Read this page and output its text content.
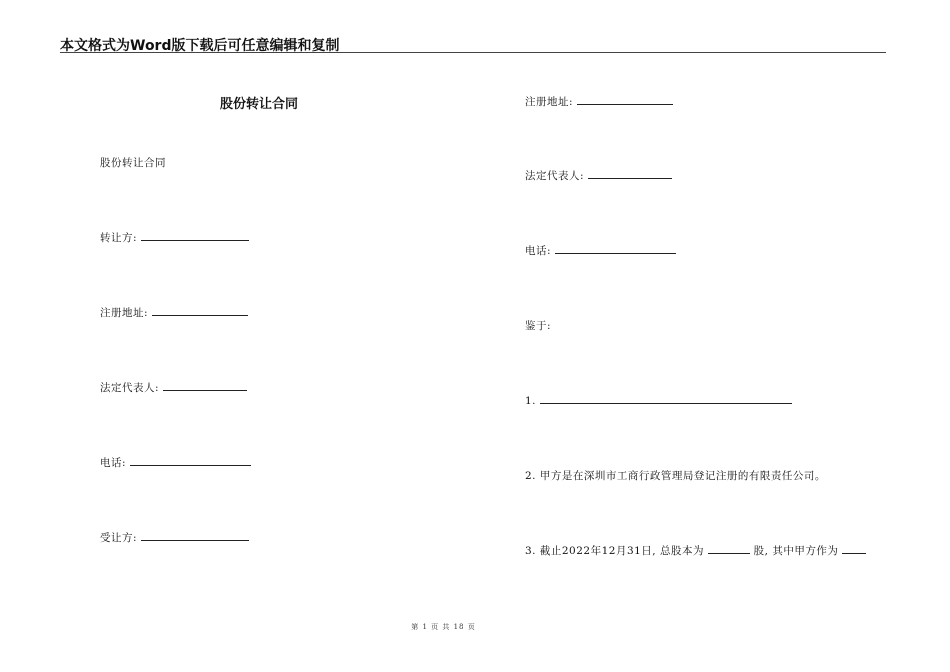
本文格式为Word版下载后可任意编辑和复制
股份转让合同
股份转让合同
转让方:
注册地址:
法定代表人:
电话:
受让方:
注册地址:
法定代表人:
电话:
鉴于:
1.
2. 甲方是在深圳市工商行政管理局登记注册的有限责任公司。
3. 截止2022年12月31日, 总股本为	股, 其中甲方作为
第 1 页 共 18 页
